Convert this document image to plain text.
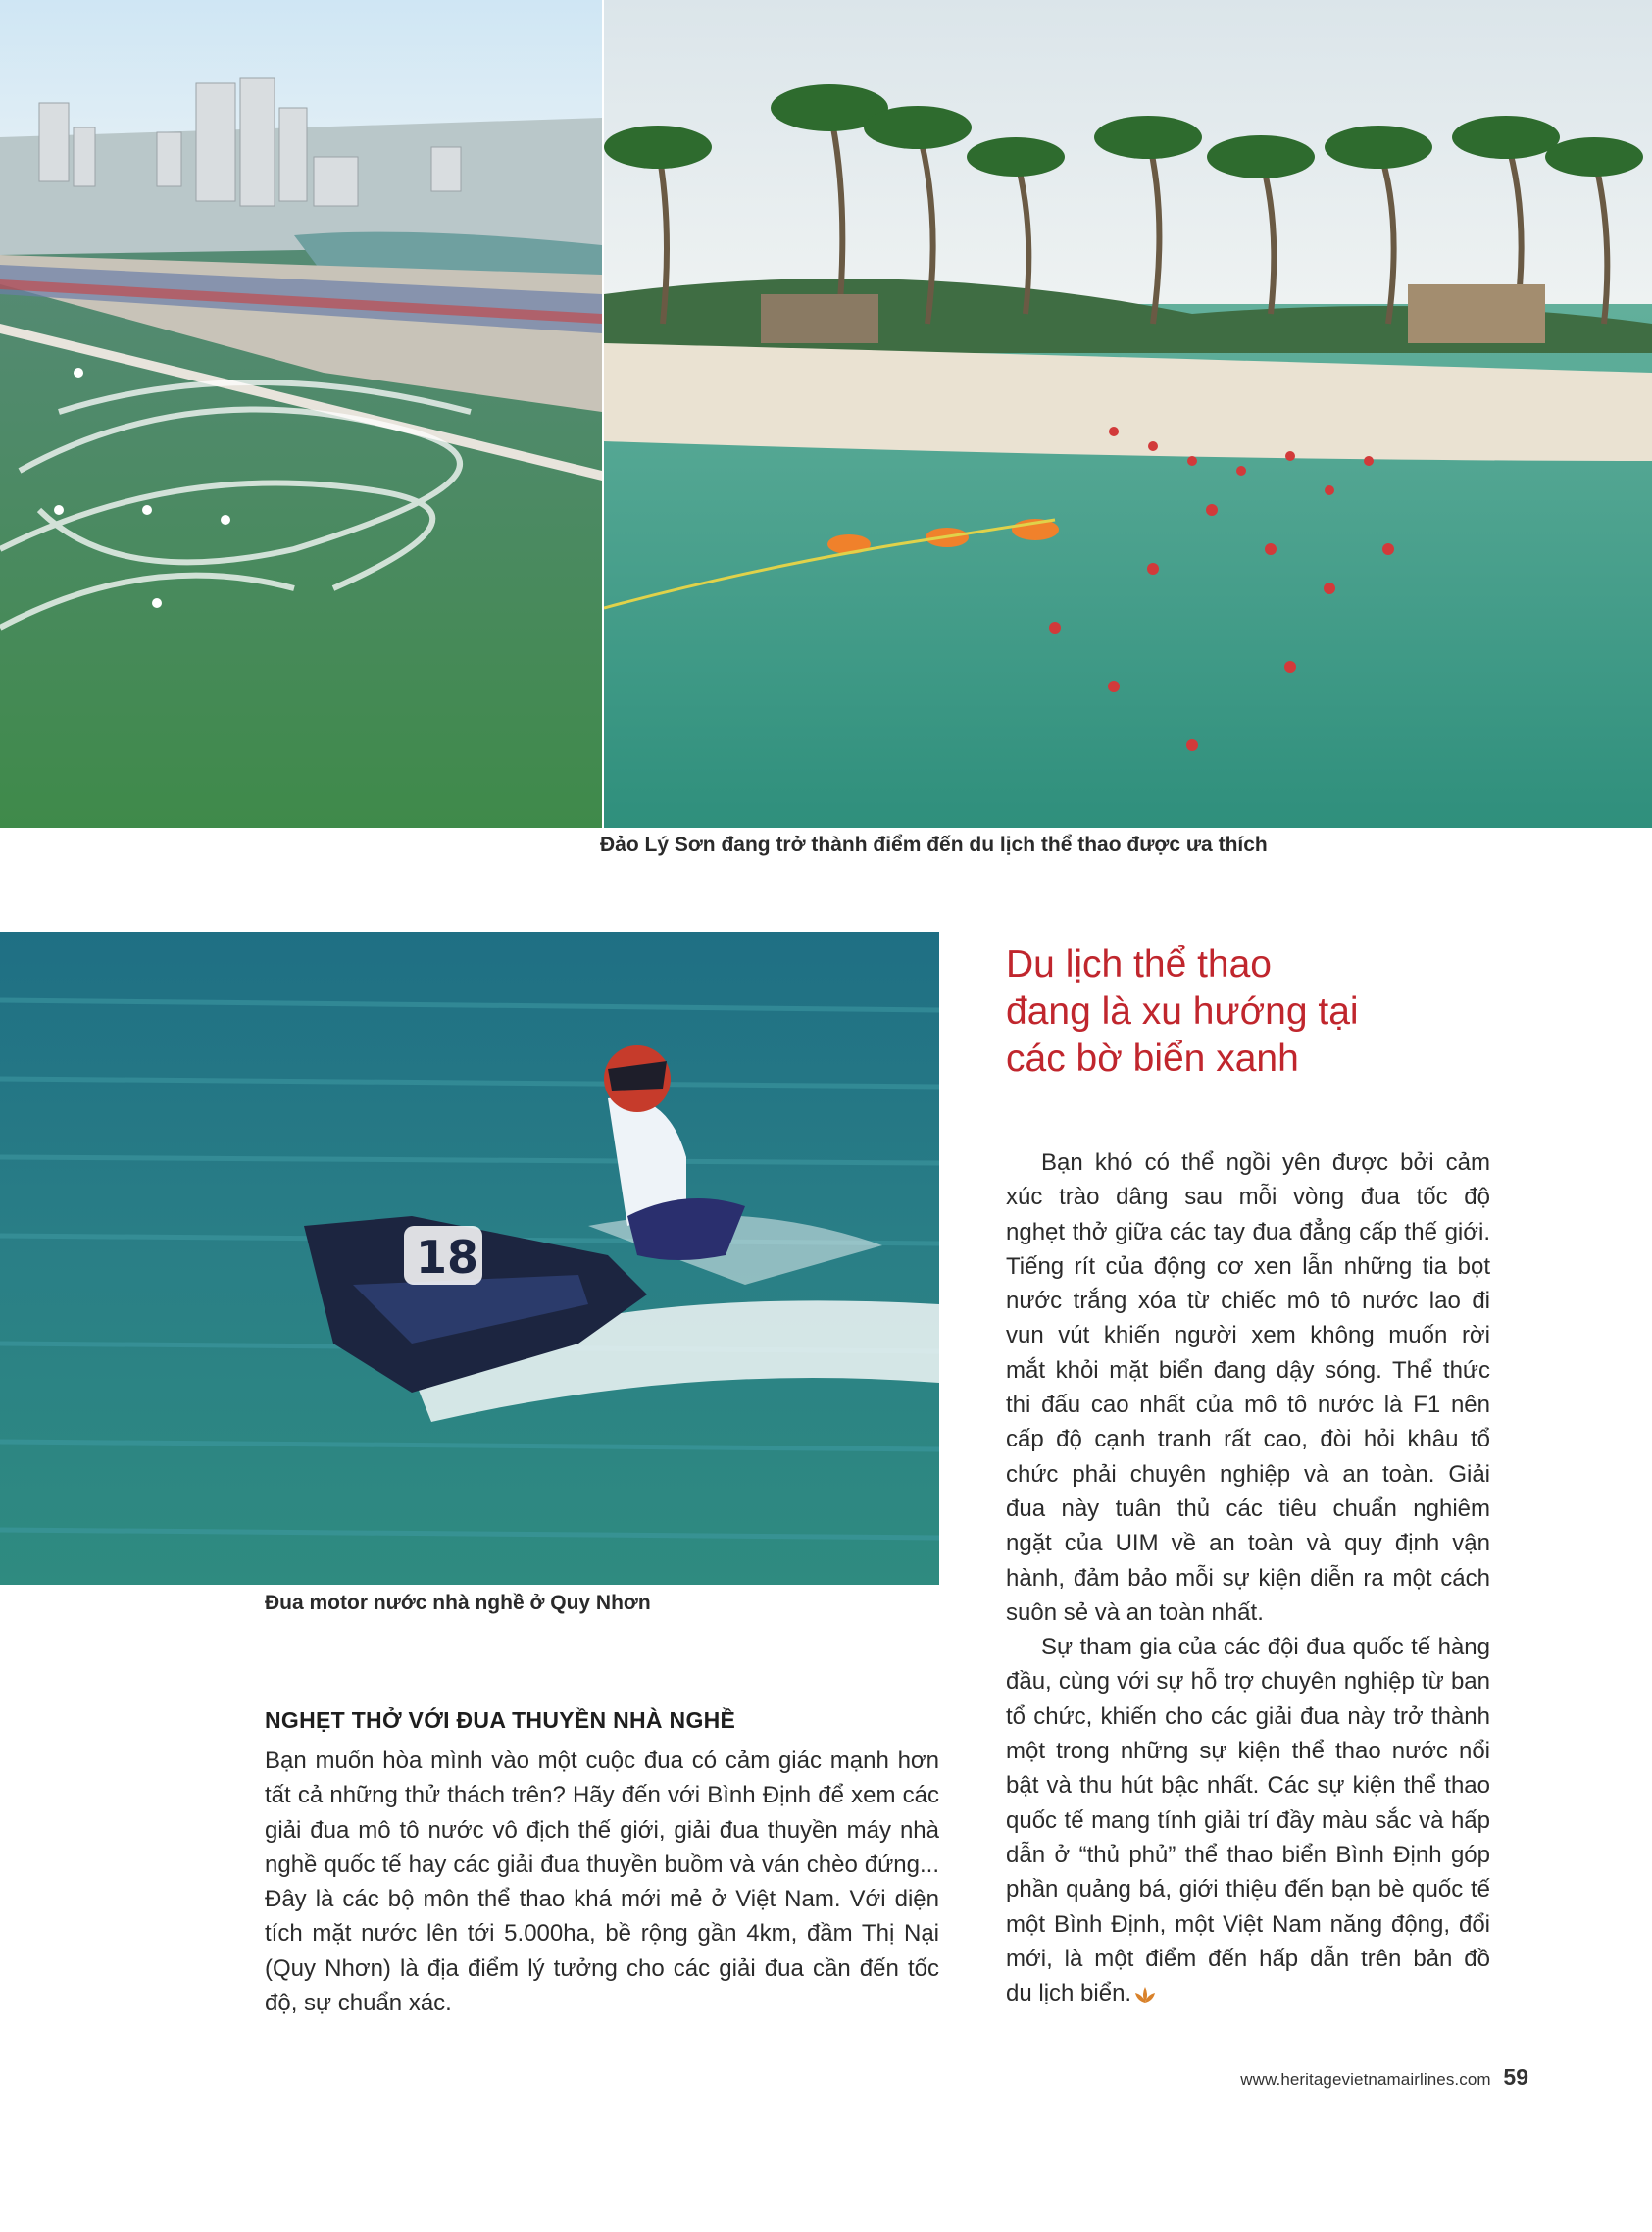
Đảo Lý Sơn đang trở thành điểm đến du lịch thể thao được ưa thích
18
Đua motor nước nhà nghề ở Quy Nhơn
Du lịch thể thao
đang là xu hướng tại
các bờ biển xanh
Bạn khó có thể ngồi yên được bởi cảm
xúc trào dâng sau mỗi vòng đua tốc độ
nghẹt thở giữa các tay đua đẳng cấp thế giới.
Tiếng rít của động cơ xen lẫn những tia bọt
nước trắng xóa từ chiếc mô tô nước lao đi
vun vút khiến người xem không muốn rời
mắt khỏi mặt biển đang dậy sóng. Thể thức
thi đấu cao nhất của mô tô nước là F1 nên
cấp độ cạnh tranh rất cao, đòi hỏi khâu tổ
chức phải chuyên nghiệp và an toàn. Giải
đua này tuân thủ các tiêu chuẩn nghiêm
ngặt của UIM về an toàn và quy định vận
hành, đảm bảo mỗi sự kiện diễn ra một cách
suôn sẻ và an toàn nhất.
Sự tham gia của các đội đua quốc tế hàng
đầu, cùng với sự hỗ trợ chuyên nghiệp từ ban
tổ chức, khiến cho các giải đua này trở thành
một trong những sự kiện thể thao nước nổi
bật và thu hút bậc nhất. Các sự kiện thể thao
quốc tế mang tính giải trí đầy màu sắc và hấp
dẫn ở “thủ phủ” thể thao biển Bình Định góp
phần quảng bá, giới thiệu đến bạn bè quốc tế
một Bình Định, một Việt Nam năng động, đổi
mới, là một điểm đến hấp dẫn trên bản đồ
du lịch biển.
NGHẸT THỞ VỚI ĐUA THUYỀN NHÀ NGHỀ
Bạn muốn hòa mình vào một cuộc đua có cảm giác mạnh hơn
tất cả những thử thách trên? Hãy đến với Bình Định để xem các
giải đua mô tô nước vô địch thế giới, giải đua thuyền máy nhà
nghề quốc tế hay các giải đua thuyền buồm và ván chèo đứng...
Đây là các bộ môn thể thao khá mới mẻ ở Việt Nam. Với diện
tích mặt nước lên tới 5.000ha, bề rộng gần 4km, đầm Thị Nại
(Quy Nhơn) là địa điểm lý tưởng cho các giải đua cần đến tốc
độ, sự chuẩn xác.
www.heritagevietnamairlines.com 59
